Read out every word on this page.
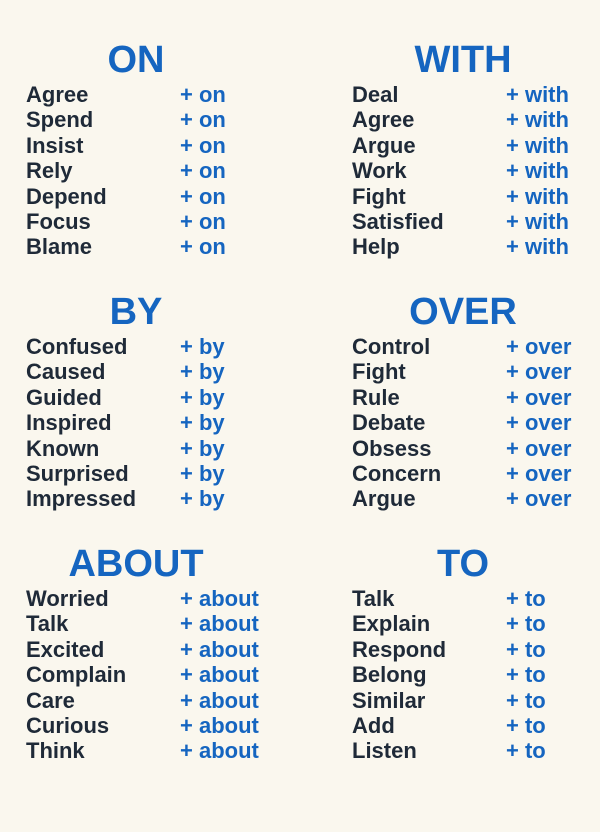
ON
Agree	+ on
Spend	+ on
Insist	+ on
Rely	+ on
Depend	+ on
Focus	+ on
Blame	+ on
WITH
Deal	+ with
Agree	+ with
Argue	+ with
Work	+ with
Fight	+ with
Satisfied	+ with
Help	+ with
BY
Confused + by
Caused	+ by
Guided	+ by
Inspired	+ by
Known	+ by
Surprised + by
Impressed + by
OVER
Control	+ over
Fight	+ over
Rule	+ over
Debate	+ over
Obsess	+ over
Concern	+ over
Argue	+ over
ABOUT
Worried	+ about
Talk	+ about
Excited	+ about
Complain + about
Care	+ about
Curious	+ about
Think	+ about
TO
Talk	+ to
Explain	+ to
Respond	+ to
Belong	+ to
Similar	+ to
Add	+ to
Listen	+ to
